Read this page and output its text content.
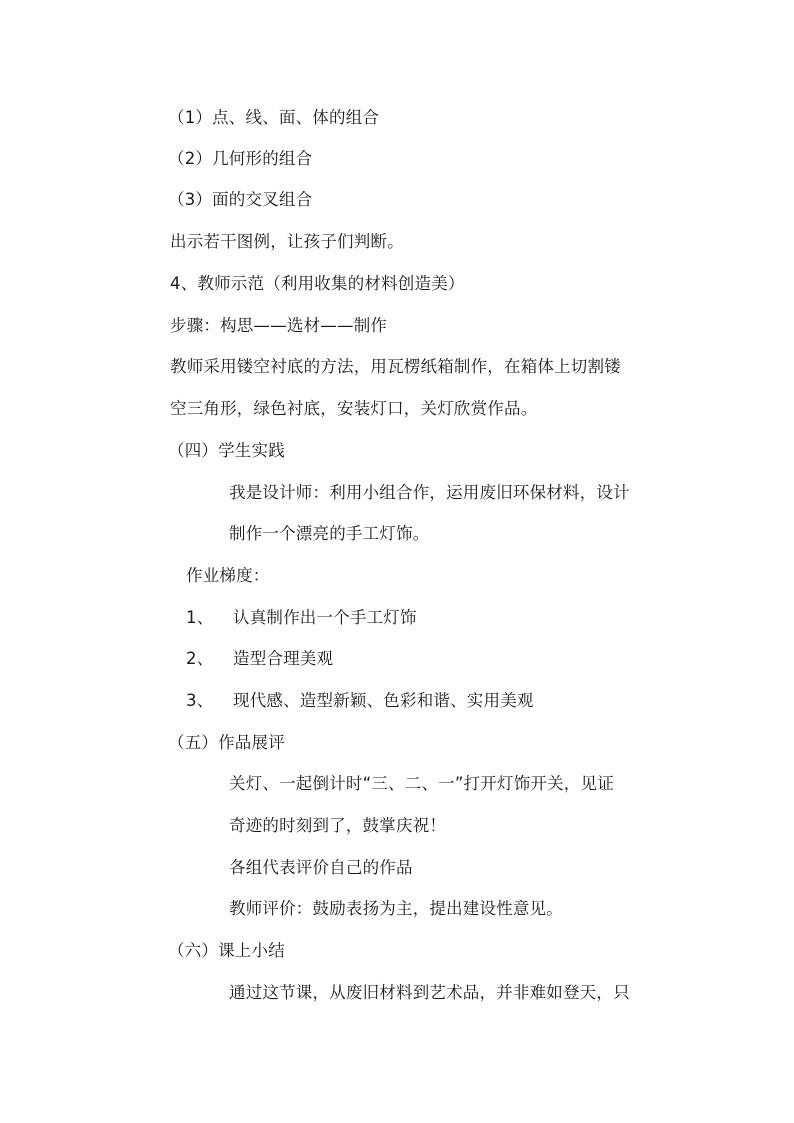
（1）点、线、面、体的组合
（2）几何形的组合
（3）面的交叉组合
出示若干图例，让孩子们判断。
4、教师示范（利用收集的材料创造美）
步骤：构思——选材——制作
教师采用镂空衬底的方法，用瓦楞纸箱制作，在箱体上切割镂
空三角形，绿色衬底，安装灯口，关灯欣赏作品。
（四）学生实践
我是设计师：利用小组合作，运用废旧环保材料，设计
制作一个漂亮的手工灯饰。
作业梯度：
1、 认真制作出一个手工灯饰
2、 造型合理美观
3、 现代感、造型新颖、色彩和谐、实用美观
（五）作品展评
关灯、一起倒计时“三、二、一”打开灯饰开关，见证
奇迹的时刻到了，鼓掌庆祝！
各组代表评价自己的作品
教师评价：鼓励表扬为主，提出建设性意见。
（六）课上小结
通过这节课，从废旧材料到艺术品，并非难如登天，只
